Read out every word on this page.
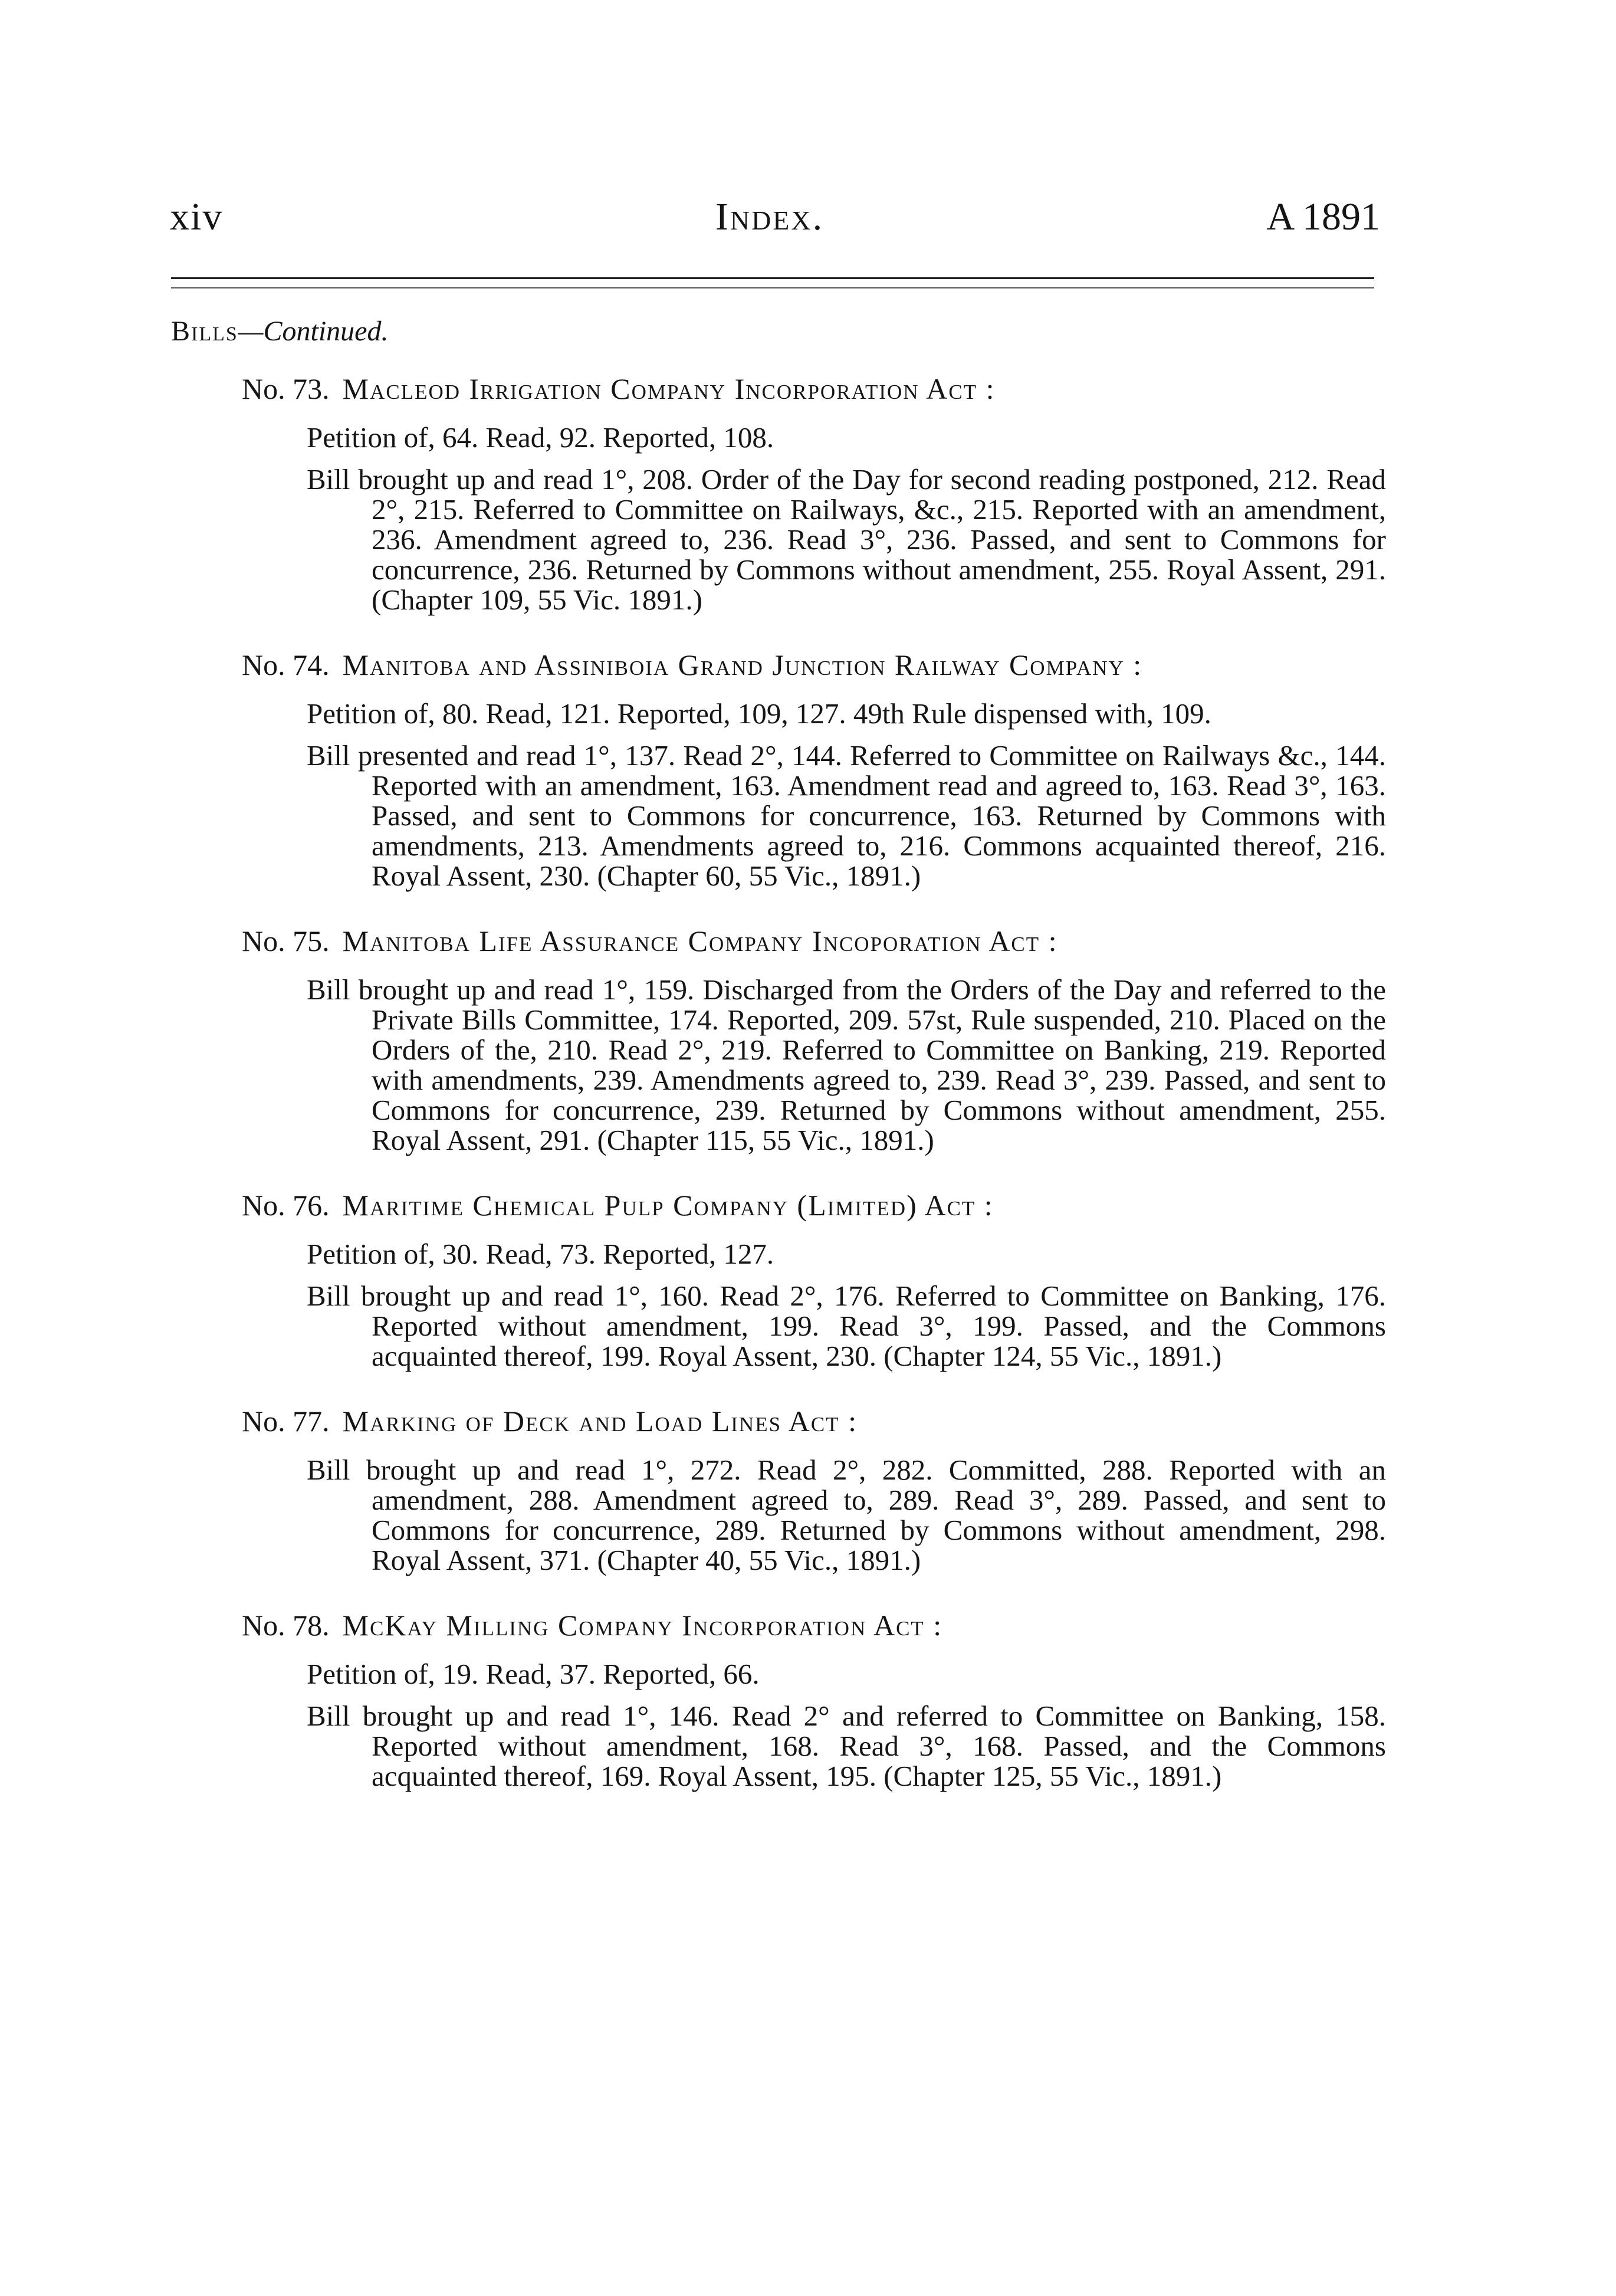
xiv	Index.	A 1891
Bills—Continued.
No. 73. Macleod Irrigation Company Incorporation Act :
Petition of, 64. Read, 92. Reported, 108.
Bill brought up and read 1°, 208. Order of the Day for second reading postponed, 212. Read 2°, 215. Referred to Committee on Railways, &c., 215. Reported with an amendment, 236. Amendment agreed to, 236. Read 3°, 236. Passed, and sent to Commons for concurrence, 236. Returned by Commons without amendment, 255. Royal Assent, 291. (Chapter 109, 55 Vic. 1891.)
No. 74. Manitoba and Assiniboia Grand Junction Railway Company :
Petition of, 80. Read, 121. Reported, 109, 127. 49th Rule dispensed with, 109.
Bill presented and read 1°, 137. Read 2°, 144. Referred to Committee on Railways &c., 144. Reported with an amendment, 163. Amendment read and agreed to, 163. Read 3°, 163. Passed, and sent to Commons for concurrence, 163. Returned by Commons with amendments, 213. Amendments agreed to, 216. Commons acquainted thereof, 216. Royal Assent, 230. (Chapter 60, 55 Vic., 1891.)
No. 75. Manitoba Life Assurance Company Incoporation Act :
Bill brought up and read 1°, 159. Discharged from the Orders of the Day and referred to the Private Bills Committee, 174. Reported, 209. 57st, Rule suspended, 210. Placed on the Orders of the, 210. Read 2°, 219. Referred to Committee on Banking, 219. Reported with amendments, 239. Amendments agreed to, 239. Read 3°, 239. Passed, and sent to Commons for concurrence, 239. Returned by Commons without amendment, 255. Royal Assent, 291. (Chapter 115, 55 Vic., 1891.)
No. 76. Maritime Chemical Pulp Company (Limited) Act :
Petition of, 30. Read, 73. Reported, 127.
Bill brought up and read 1°, 160. Read 2°, 176. Referred to Committee on Banking, 176. Reported without amendment, 199. Read 3°, 199. Passed, and the Commons acquainted thereof, 199. Royal Assent, 230. (Chapter 124, 55 Vic., 1891.)
No. 77. Marking of Deck and Load Lines Act :
Bill brought up and read 1°, 272. Read 2°, 282. Committed, 288. Reported with an amendment, 288. Amendment agreed to, 289. Read 3°, 289. Passed, and sent to Commons for concurrence, 289. Returned by Commons without amendment, 298. Royal Assent, 371. (Chapter 40, 55 Vic., 1891.)
No. 78. McKay Milling Company Incorporation Act :
Petition of, 19. Read, 37. Reported, 66.
Bill brought up and read 1°, 146. Read 2° and referred to Committee on Banking, 158. Reported without amendment, 168. Read 3°, 168. Passed, and the Commons acquainted thereof, 169. Royal Assent, 195. (Chapter 125, 55 Vic., 1891.)
